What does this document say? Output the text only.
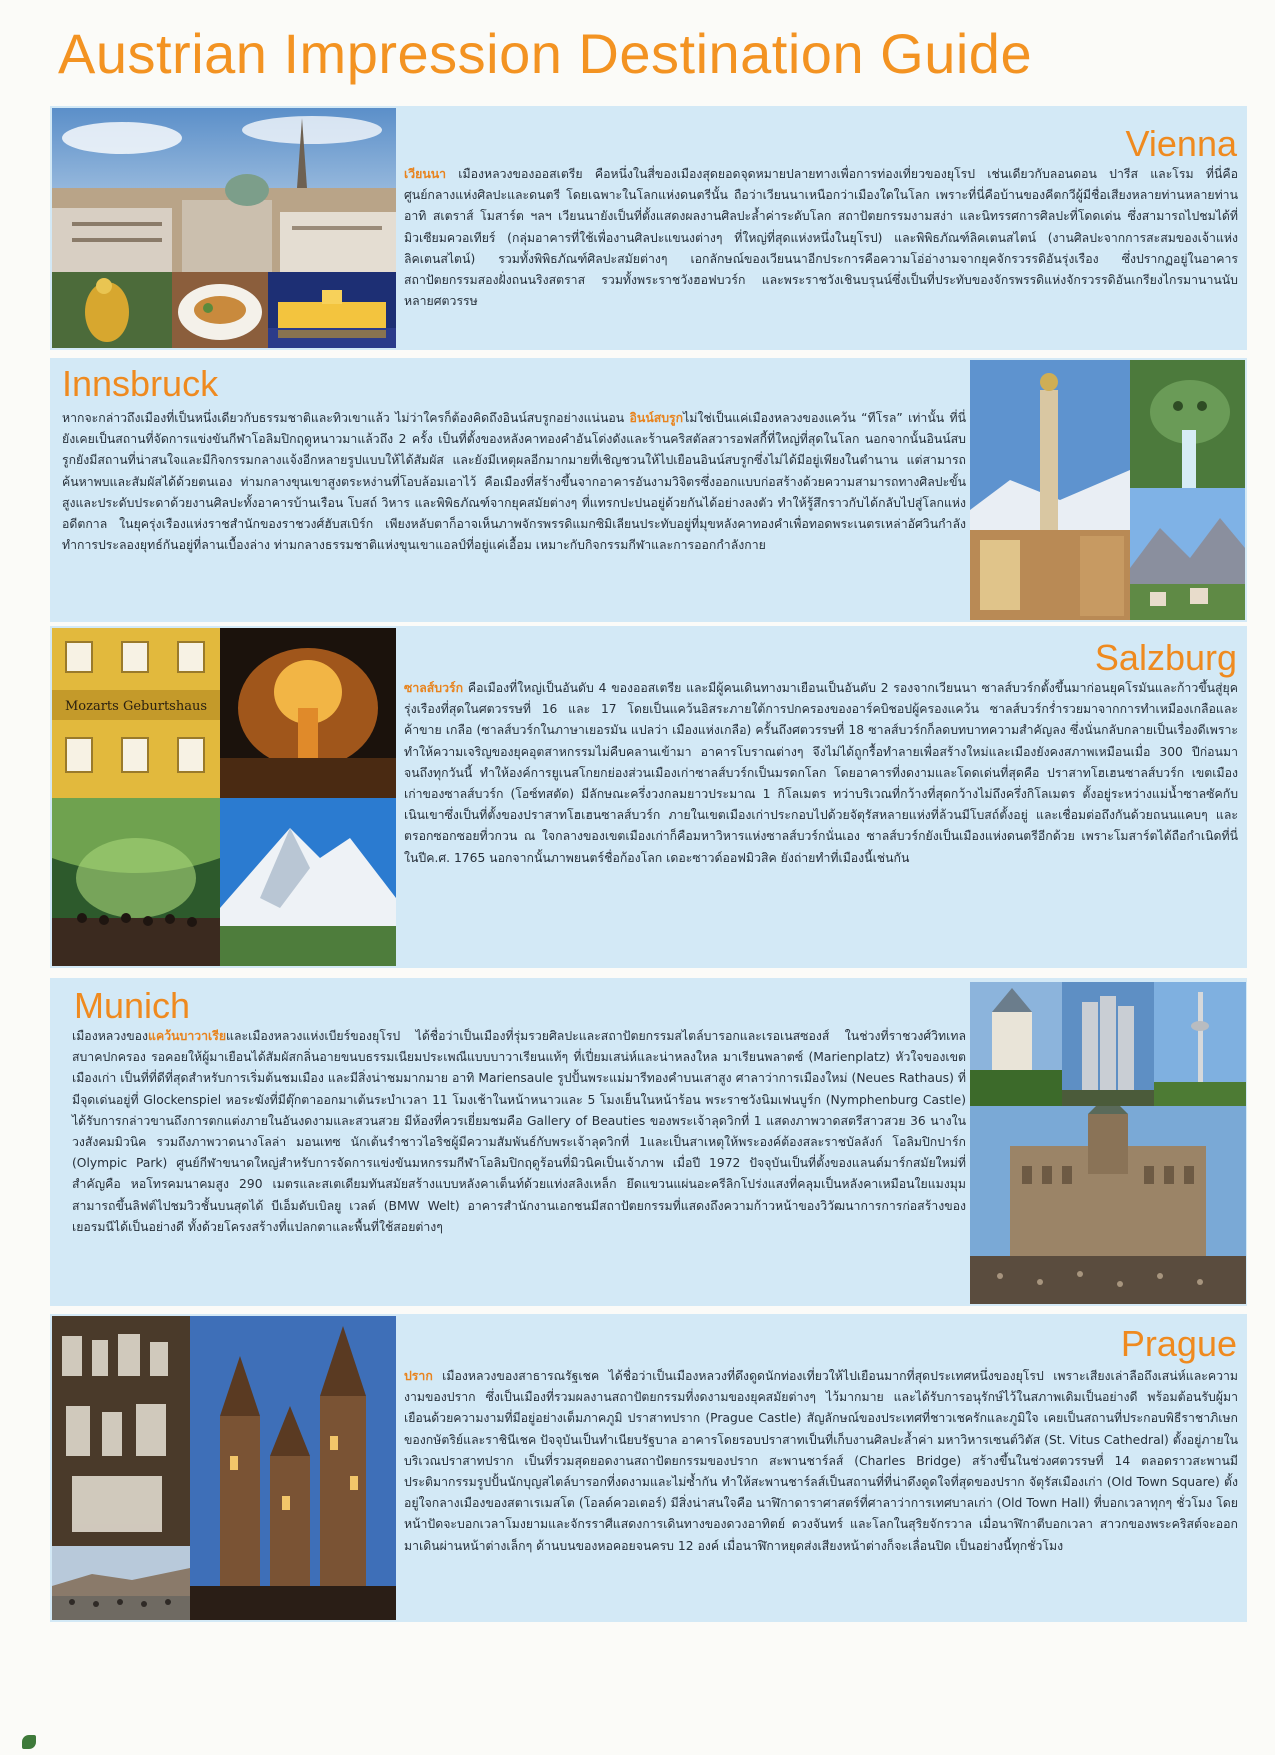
Austrian Impression Destination Guide
Vienna

เวียนนา เมืองหลวงของออสเตรีย คือหนึ่งในสี่ของเมืองสุดยอดจุดหมายปลายทางเพื่อการท่องเที่ยวของยุโรป เช่นเดียวกับลอนดอน ปารีส และโรม ที่นี่คือศูนย์กลางแห่งศิลปะและดนตรี โดยเฉพาะในโลกแห่งดนตรีนั้น ถือว่าเวียนนาเหนือกว่าเมืองใดในโลก เพราะที่นี่คือบ้านของคีตกวีผู้มีชื่อเสียงหลายท่านหลายท่าน อาทิ สเตราส์ โมสาร์ต ฯลฯ เวียนนายังเป็นที่ตั้งแสดงผลงานศิลปะล้ำค่าระดับโลก สถาปัตยกรรมงามสง่า และนิทรรศการศิลปะที่โดดเด่น ซึ่งสามารถไปชมได้ที่มิวเซียมควอเทียร์ (กลุ่มอาคารที่ใช้เพื่องานศิลปะแขนงต่างๆ ที่ใหญ่ที่สุดแห่งหนึ่งในยุโรป) และพิพิธภัณฑ์ลิคเตนสไตน์ (งานศิลปะจากการสะสมของเจ้าแห่งลิคเตนสไตน์) รวมทั้งพิพิธภัณฑ์ศิลปะสมัยต่างๆ เอกลักษณ์ของเวียนนาอีกประการคือความโอ่อ่างามจากยุคจักรวรรดิอันรุ่งเรือง ซึ่งปรากฏอยู่ในอาคารสถาปัตยกรรมสองฝั่งถนนริงสตราส รวมทั้งพระราชวังฮอฟบวร์ก และพระราชวังเชินบรุนน์ซึ่งเป็นที่ประทับของจักรพรรดิแห่งจักรวรรดิอันเกรียงไกรมานานนับหลายศตวรรษ

Innsbruck

หากจะกล่าวถึงเมืองที่เป็นหนึ่งเดียวกับธรรมชาติและทิวเขาแล้ว ไม่ว่าใครก็ต้องคิดถึงอินน์สบรูกอย่างแน่นอน อินน์สบรูกไม่ใช่เป็นแค่เมืองหลวงของแคว้น “ทีโรล” เท่านั้น ที่นี่ยังเคยเป็นสถานที่จัดการแข่งขันกีฬาโอลิมปิกฤดูหนาวมาแล้วถึง 2 ครั้ง เป็นที่ตั้งของหลังคาทองคำอันโด่งดังและร้านคริสตัลสวารอฟสกี้ที่ใหญ่ที่สุดในโลก นอกจากนั้นอินน์สบรูกยังมีสถานที่น่าสนใจและมีกิจกรรมกลางแจ้งอีกหลายรูปแบบให้ได้สัมผัส และยังมีเหตุผลอีกมากมายที่เชิญชวนให้ไปเยือนอินน์สบรูกซึ่งไม่ได้มีอยู่เพียงในตำนาน แต่สามารถค้นหาพบและสัมผัสได้ด้วยตนเอง ท่ามกลางขุนเขาสูงตระหง่านที่โอบล้อมเอาไว้ คือเมืองที่สร้างขึ้นจากอาคารอันงามวิจิตรซึ่งออกแบบก่อสร้างด้วยความสามารถทางศิลปะขั้นสูงและประดับประดาด้วยงานศิลปะทั้งอาคารบ้านเรือน โบสถ์ วิหาร และพิพิธภัณฑ์จากยุคสมัยต่างๆ ที่แทรกปะปนอยู่ด้วยกันได้อย่างลงตัว ทำให้รู้สึกราวกับได้กลับไปสู่โลกแห่งอดีตกาล ในยุครุ่งเรืองแห่งราชสำนักของราชวงศ์ฮับสเบิร์ก เพียงหลับตาก็อาจเห็นภาพจักรพรรดิแมกซิมิเลียนประทับอยู่ที่มุขหลังคาทองคำเพื่อทอดพระเนตรเหล่าอัศวินกำลังทำการประลองยุทธ์กันอยู่ที่ลานเบื้องล่าง ท่ามกลางธรรมชาติแห่งขุนเขาแอลป์ที่อยู่แค่เอื้อม เหมาะกับกิจกรรมกีฬาและการออกกำลังกาย

Mozarts Geburtshaus
Salzburg

ซาลส์บวร์ก คือเมืองที่ใหญ่เป็นอันดับ 4 ของออสเตรีย และมีผู้คนเดินทางมาเยือนเป็นอันดับ 2 รองจากเวียนนา ซาลส์บวร์กตั้งขึ้นมาก่อนยุคโรมันและก้าวขึ้นสู่ยุครุ่งเรืองที่สุดในศตวรรษที่ 16 และ 17 โดยเป็นแคว้นอิสระภายใต้การปกครองของอาร์คบิชอปผู้ครองแคว้น ซาลส์บวร์กร่ำรวยมาจากการทำเหมืองเกลือและค้าขาย เกลือ (ซาลส์บวร์กในภาษาเยอรมัน แปลว่า เมืองแห่งเกลือ) ครั้นถึงศตวรรษที่ 18 ซาลส์บวร์กก็ลดบทบาทความสำคัญลง ซึ่งนั่นกลับกลายเป็นเรื่องดีเพราะทำให้ความเจริญของยุคอุตสาหกรรมไม่คืบคลานเข้ามา อาคารโบราณต่างๆ จึงไม่ได้ถูกรื้อทำลายเพื่อสร้างใหม่และเมืองยังคงสภาพเหมือนเมื่อ 300 ปีก่อนมาจนถึงทุกวันนี้ ทำให้องค์การยูเนสโกยกย่องส่วนเมืองเก่าซาลส์บวร์กเป็นมรดกโลก โดยอาคารที่งดงามและโดดเด่นที่สุดคือ ปราสาทโฮเฮนซาลส์บวร์ก เขตเมืองเก่าของซาลส์บวร์ก (โอซ์ทสตัด) มีลักษณะครึ่งวงกลมยาวประมาณ 1 กิโลเมตร ทว่าบริเวณที่กว้างที่สุดกว้างไม่ถึงครึ่งกิโลเมตร ตั้งอยู่ระหว่างแม่น้ำซาลซัคกับเนินเขาซึ่งเป็นที่ตั้งของปราสาทโฮเฮนซาลส์บวร์ก ภายในเขตเมืองเก่าประกอบไปด้วยจัตุรัสหลายแห่งที่ล้วนมีโบสถ์ตั้งอยู่ และเชื่อมต่อถึงกันด้วยถนนแคบๆ และตรอกซอกซอยที่วกวน ณ ใจกลางของเขตเมืองเก่าก็คือมหาวิหารแห่งซาลส์บวร์กนั่นเอง ซาลส์บวร์กยังเป็นเมืองแห่งดนตรีอีกด้วย เพราะโมสาร์ตได้ถือกำเนิดที่นี่ในปีค.ศ. 1765 นอกจากนั้นภาพยนตร์ชื่อก้องโลก เดอะซาวด์ออฟมิวสิค ยังถ่ายทำที่เมืองนี้เช่นกัน

Munich

เมืองหลวงของแคว้นบาวาเรียและเมืองหลวงแห่งเบียร์ของยุโรป ได้ชื่อว่าเป็นเมืองที่รุ่มรวยศิลปะและสถาปัตยกรรมสไตล์บารอกและเรอเนสซองส์ ในช่วงที่ราชวงศ์วิทเทลสบาคปกครอง รอคอยให้ผู้มาเยือนได้สัมผัสกลิ่นอายขนบธรรมเนียมประเพณีแบบบาวาเรียนแท้ๆ ที่เปี่ยมเสน่ห์และน่าหลงใหล มาเรียนพลาตซ์ (Marienplatz) หัวใจของเขตเมืองเก่า เป็นที่ที่ดีที่สุดสำหรับการเริ่มต้นชมเมือง และมีสิ่งน่าชมมากมาย อาทิ Mariensaule รูปปั้นพระแม่มารีทองคำบนเสาสูง ศาลาว่าการเมืองใหม่ (Neues Rathaus) ที่มีจุดเด่นอยู่ที่ Glockenspiel หอระฆังที่มีตุ๊กตาออกมาเต้นระบำเวลา 11 โมงเช้าในหน้าหนาวและ 5 โมงเย็นในหน้าร้อน พระราชวังนิมเฟนบูร์ก (Nymphenburg Castle) ได้รับการกล่าวขานถึงการตกแต่งภายในอันงดงามและสวนสวย มีห้องที่ควรเยี่ยมชมคือ Gallery of Beauties ของพระเจ้าลุดวิกที่ 1 แสดงภาพวาดสตรีสาวสวย 36 นางในวงสังคมมิวนิค รวมถึงภาพวาดนางโลล่า มอนเทซ นักเต้นรำชาวไอริชผู้มีความสัมพันธ์กับพระเจ้าลุดวิกที่ 1และเป็นสาเหตุให้พระองค์ต้องสละราชบัลลังก์ โอลิมปิกปาร์ก (Olympic Park) ศูนย์กีฬาขนาดใหญ่สำหรับการจัดการแข่งขันมหกรรมกีฬาโอลิมปิกฤดูร้อนที่มิวนิคเป็นเจ้าภาพ เมื่อปี 1972 ปัจจุบันเป็นที่ตั้งของแลนด์มาร์กสมัยใหม่ที่สำคัญคือ หอโทรคมนาคมสูง 290 เมตรและสเตเดียมทันสมัยสร้างแบบหลังคาเต็นท์ด้วยแท่งสลิงเหล็ก ยึดแขวนแผ่นอะครีลิกโปร่งแสงที่คลุมเป็นหลังคาเหมือนใยแมงมุม สามารถขึ้นลิฟต์ไปชมวิวชั้นบนสุดได้ บีเอ็มดับเบิลยู เวลต์ (BMW Welt) อาคารสำนักงานเอกชนมีสถาปัตยกรรมที่แสดงถึงความก้าวหน้าของวิวัฒนาการการก่อสร้างของเยอรมนีได้เป็นอย่างดี ทั้งด้วยโครงสร้างที่แปลกตาและพื้นที่ใช้สอยต่างๆ

Prague

ปราก เมืองหลวงของสาธารณรัฐเชค ได้ชื่อว่าเป็นเมืองหลวงที่ดึงดูดนักท่องเที่ยวให้ไปเยือนมากที่สุดประเทศหนึ่งของยุโรป เพราะเสียงเล่าลือถึงเสน่ห์และความงามของปราก ซึ่งเป็นเมืองที่รวมผลงานสถาปัตยกรรมที่งดงามของยุคสมัยต่างๆ ไว้มากมาย และได้รับการอนุรักษ์ไว้ในสภาพเดิมเป็นอย่างดี พร้อมต้อนรับผู้มาเยือนด้วยความงามที่มีอยู่อย่างเต็มภาคภูมิ ปราสาทปราก (Prague Castle) สัญลักษณ์ของประเทศที่ชาวเชครักและภูมิใจ เคยเป็นสถานที่ประกอบพิธีราชาภิเษกของกษัตริย์และราชินีเชค ปัจจุบันเป็นทำเนียบรัฐบาล อาคารโดยรอบปราสาทเป็นที่เก็บงานศิลปะล้ำค่า มหาวิหารเซนต์วิตัส (St. Vitus Cathedral) ตั้งอยู่ภายในบริเวณปราสาทปราก เป็นที่รวมสุดยอดงานสถาปัตยกรรมของปราก สะพานชาร์ลส์ (Charles Bridge) สร้างขึ้นในช่วงศตวรรษที่ 14 ตลอดราวสะพานมีประติมากรรมรูปปั้นนักบุญสไตล์บารอกที่งดงามและไม่ซ้ำกัน ทำให้สะพานชาร์ลส์เป็นสถานที่ที่น่าดึงดูดใจที่สุดของปราก จัตุรัสเมืองเก่า (Old Town Square) ตั้งอยู่ใจกลางเมืองของสตาเรเมสโต (โอลด์ควอเตอร์) มีสิ่งน่าสนใจคือ นาฬิกาดาราศาสตร์ที่ศาลาว่าการเทศบาลเก่า (Old Town Hall) ที่บอกเวลาทุกๆ ชั่วโมง โดยหน้าปัดจะบอกเวลาโมงยามและจักรราศีแสดงการเดินทางของดวงอาทิตย์ ดวงจันทร์ และโลกในสุริยจักรวาล เมื่อนาฬิกาตีบอกเวลา สาวกของพระคริสต์จะออกมาเดินผ่านหน้าต่างเล็กๆ ด้านบนของหอคอยจนครบ 12 องค์ เมื่อนาฬิกาหยุดส่งเสียงหน้าต่างก็จะเลื่อนปิด เป็นอย่างนี้ทุกชั่วโมง
